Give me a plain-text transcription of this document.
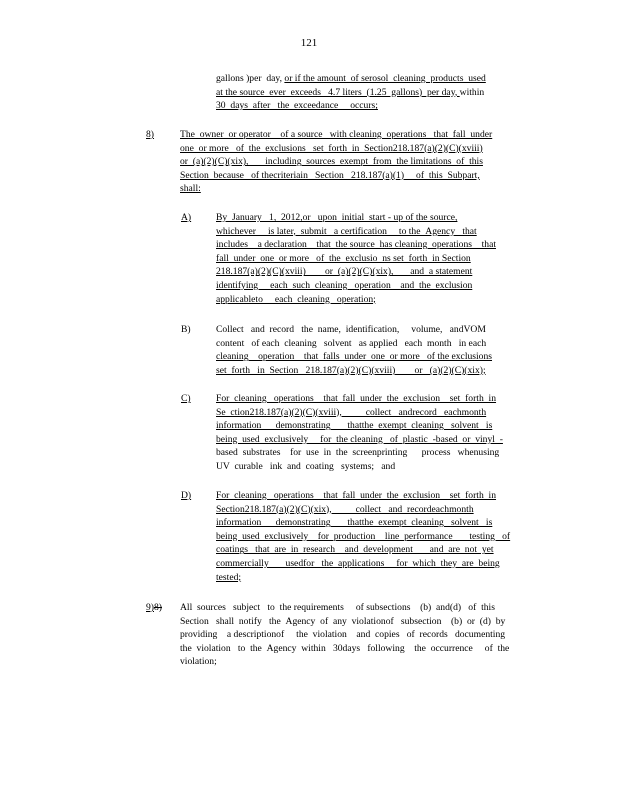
121

gallons )per  day, or if the amount  of serosol  cleaning  products  used

at the source  ever  exceeds   4.7 liters  (1.25  gallons)  per day, within

30  days  after   the  exceedance     occurs;

8)	The  owner  or operator    of a source   with cleaning  operations   that  fall  under

one  or more   of  the  exclusions   set  forth  in  Section218.187(a)(2)(C)(xviii)

or  (a)(2)(C)(xix),       including  sources  exempt  from  the limitations  of  this

Section  because   of thecriteriain   Section   218.187(a)(1)     of  this  Subpart,

shall:

A)	By  January   1,  2012,or   upon  initial  start - up of the source,

whichever     is later,  submit   a certification     to the  Agency   that

includes    a declaration    that  the source  has cleaning  operations    that

fall  under  one  or more   of  the  exclusio  ns set  forth  in Section

218.187(a)(2)(C)(xviii)        or  (a)(2)(C)(xix),       and  a statement

identifying     each  such  cleaning   operation    and  the  exclusion

applicableto     each  cleaning   operation;

B)	Collect   and  record   the  name,  identification,     volume,   andVOM

content   of each  cleaning   solvent   as applied   each  month   in each

cleaning    operation    that  falls  under  one  or more   of the exclusions

set  forth   in  Section   218.187(a)(2)(C)(xviii)        or   (a)(2)(C)(xix);

C)	For  cleaning   operations    that  fall  under  the  exclusion    set  forth  in

Se  ction218.187(a)(2)(C)(xviii),          collect   andrecord   eachmonth

information      demonstrating       thatthe  exempt  cleaning   solvent   is

being  used  exclusively     for  the cleaning   of  plastic  -based  or  vinyl  -

based  substrates    for  use  in  the  screenprinting      process   whenusing

UV  curable   ink  and  coating   systems;   and

D)	For  cleaning   operations    that  fall  under  the  exclusion    set  forth  in

Section218.187(a)(2)(C)(xix),          collect   and  recordeachmonth

information      demonstrating       thatthe  exempt  cleaning   solvent   is

being  used  exclusively    for  production    line  performance       testing   of

coatings   that  are  in  research    and  development       and  are  not  yet

commercially       usedfor   the  applications     for  which  they  are  being

tested;

9)8) All  sources   subject   to  the requirements     of subsections    (b)  and(d)   of  this

Section   shall  notify   the  Agency  of  any  violationof   subsection    (b)  or  (d)  by

providing    a descriptionof     the  violation    and  copies   of  records   documenting

the  violation   to  the  Agency  within   30days   following    the  occurrence     of  the

violation;
